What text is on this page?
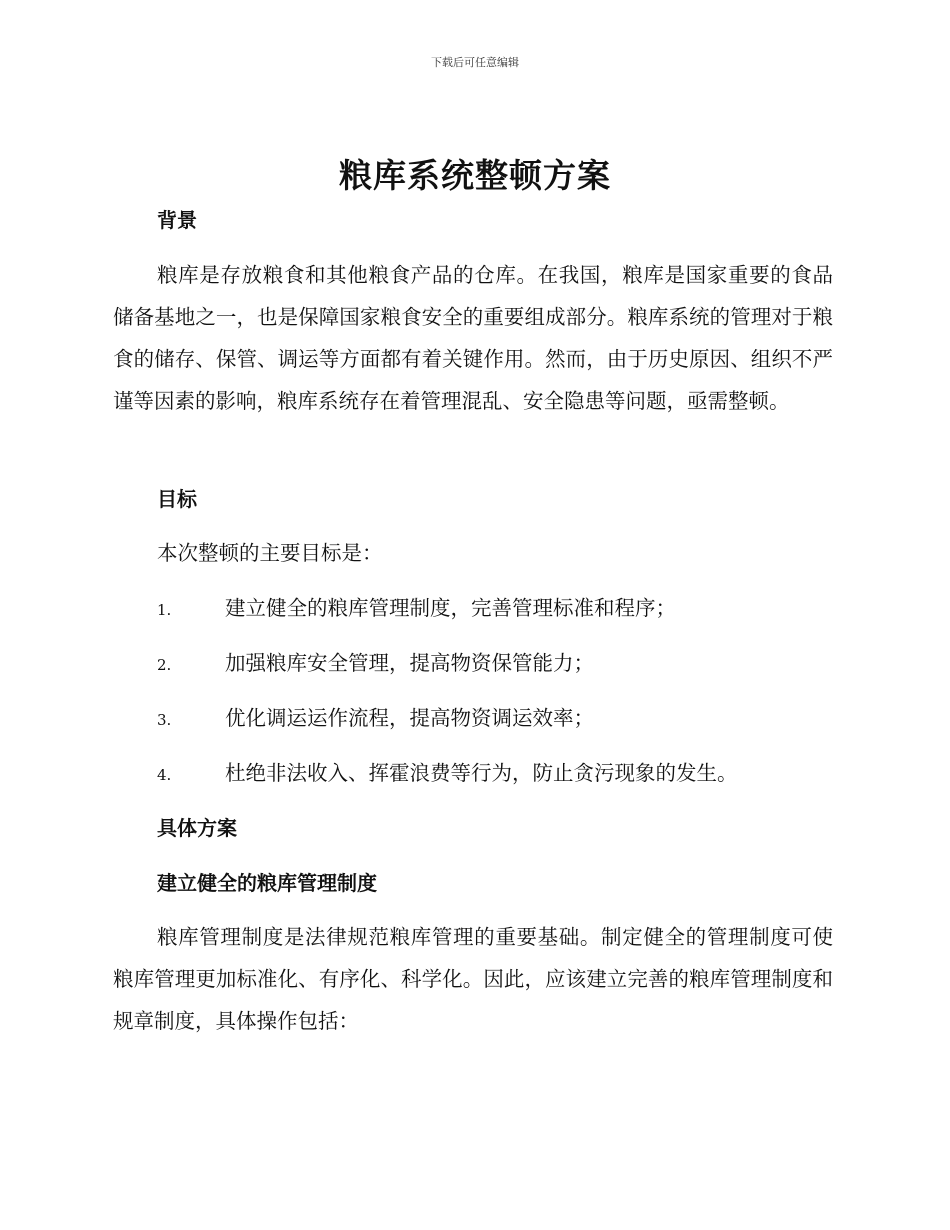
下载后可任意编辑
粮库系统整顿方案
背景

粮库是存放粮食和其他粮食产品的仓库。在我国，粮库是国家重要的食品储备基地之一，也是保障国家粮食安全的重要组成部分。粮库系统的管理对于粮食的储存、保管、调运等方面都有着关键作用。然而，由于历史原因、组织不严谨等因素的影响，粮库系统存在着管理混乱、安全隐患等问题，亟需整顿。

目标

本次整顿的主要目标是：

1.	建立健全的粮库管理制度，完善管理标准和程序；
2.	加强粮库安全管理，提高物资保管能力；
3.	优化调运运作流程，提高物资调运效率；
4.	杜绝非法收入、挥霍浪费等行为，防止贪污现象的发生。
具体方案
建立健全的粮库管理制度

粮库管理制度是法律规范粮库管理的重要基础。制定健全的管理制度可使粮库管理更加标准化、有序化、科学化。因此，应该建立完善的粮库管理制度和规章制度，具体操作包括：
